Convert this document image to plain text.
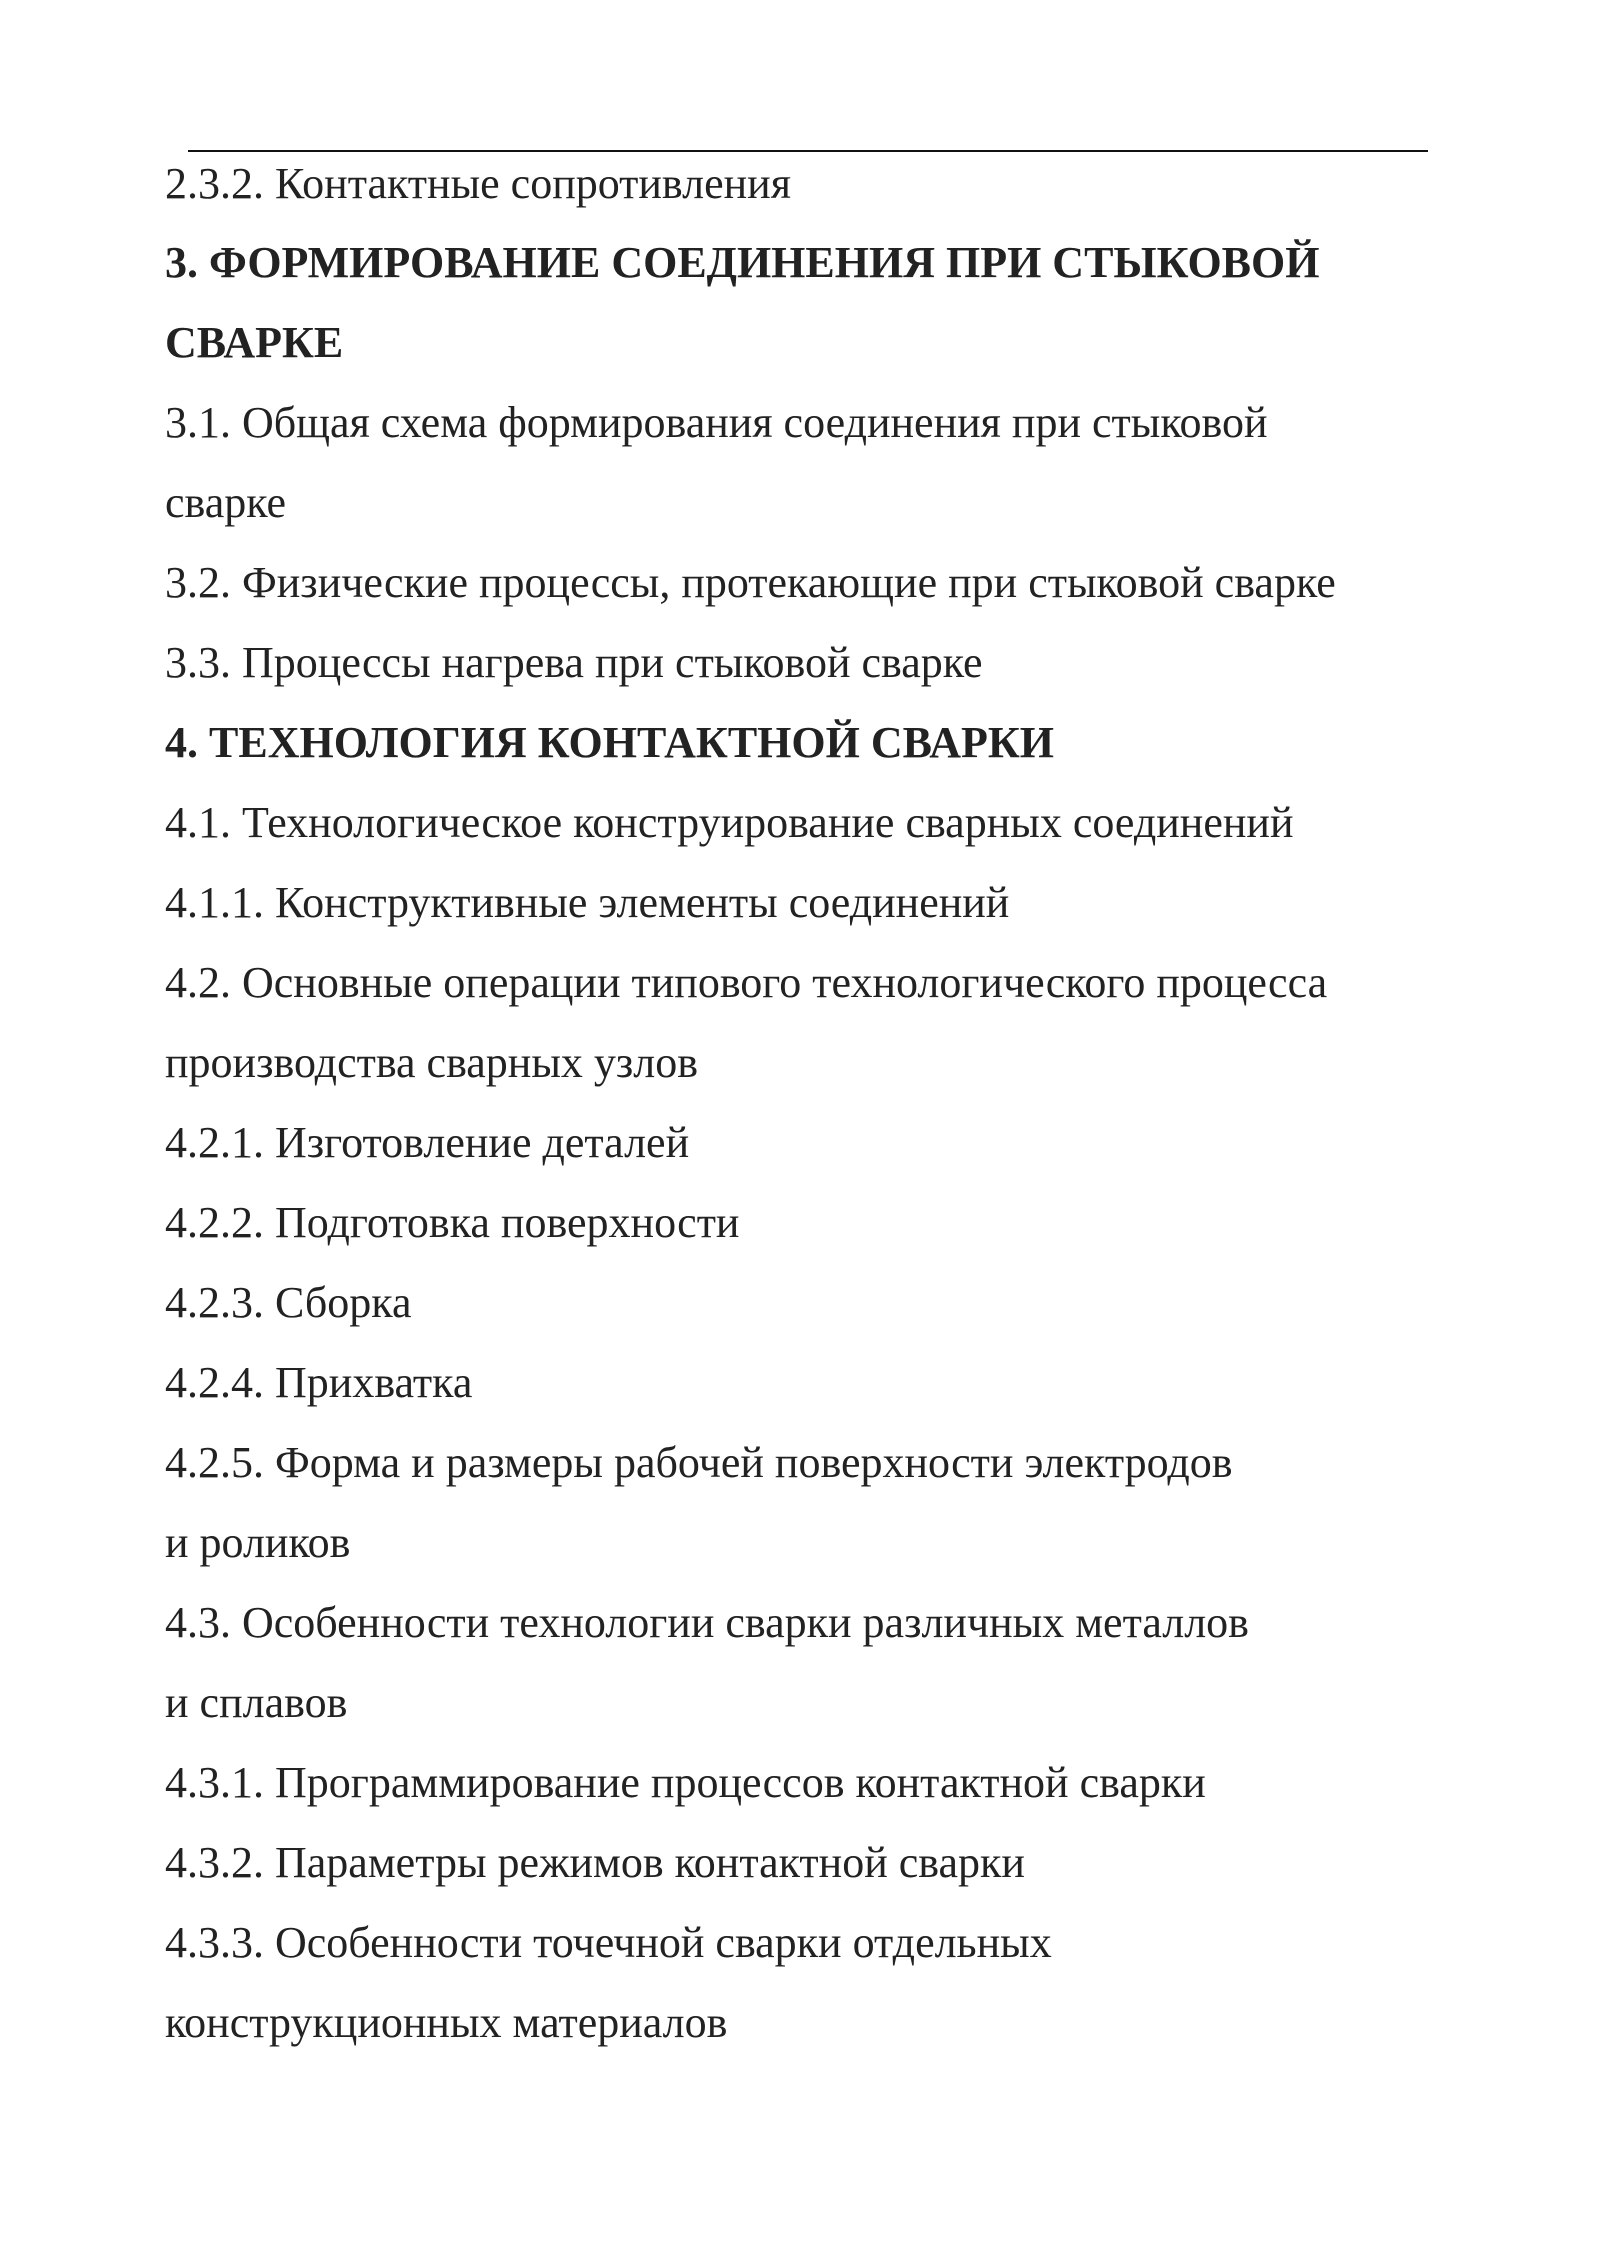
2.3.2. Контактные сопротивления
3. ФОРМИРОВАНИЕ СОЕДИНЕНИЯ ПРИ СТЫКОВОЙ
СВАРКЕ
3.1. Общая схема формирования соединения при стыковой
сварке
3.2. Физические процессы, протекающие при стыковой сварке
3.3. Процессы нагрева при стыковой сварке
4. ТЕХНОЛОГИЯ КОНТАКТНОЙ СВАРКИ
4.1. Технологическое конструирование сварных соединений
4.1.1. Конструктивные элементы соединений
4.2. Основные операции типового технологического процесса
производства сварных узлов
4.2.1. Изготовление деталей
4.2.2. Подготовка поверхности
4.2.3. Сборка
4.2.4. Прихватка
4.2.5. Форма и размеры рабочей поверхности электродов
и роликов
4.3. Особенности технологии сварки различных металлов
и сплавов
4.3.1. Программирование процессов контактной сварки
4.3.2. Параметры режимов контактной сварки
4.3.3. Особенности точечной сварки отдельных
конструкционных материалов
